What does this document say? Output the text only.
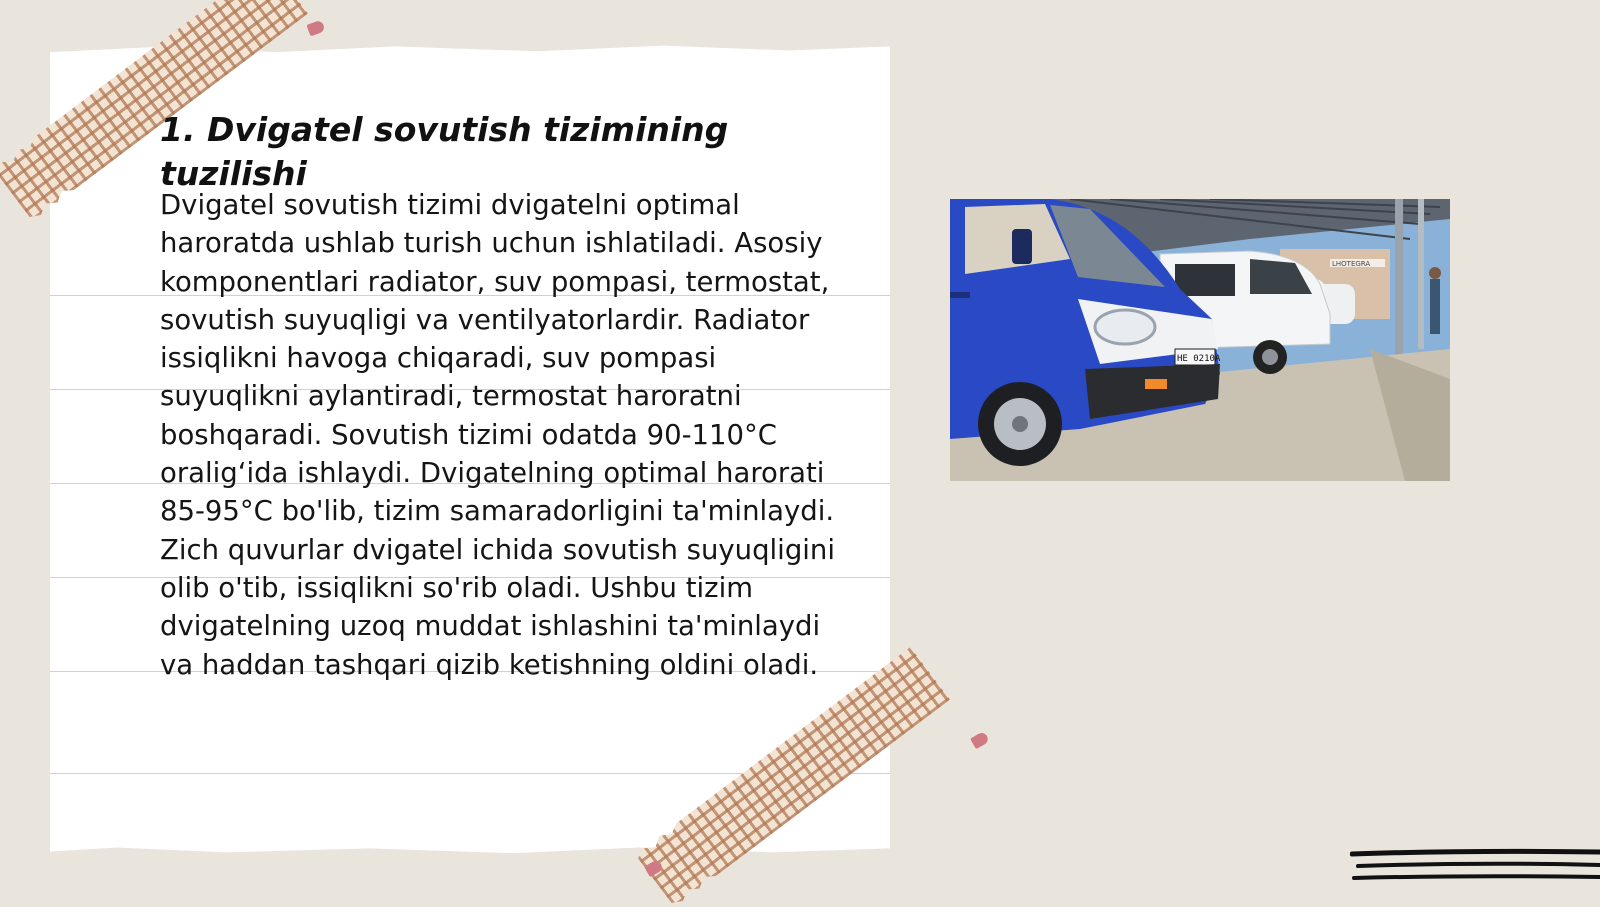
1. Dvigatel sovutish tizimining tuzilishi

Dvigatel sovutish tizimi dvigatelni optimal haroratda ushlab turish uchun ishlatiladi. Asosiy komponentlari radiator, suv pompasi, termostat, sovutish suyuqligi va ventilyatorlardir. Radiator issiqlikni havoga chiqaradi, suv pompasi suyuqlikni aylantiradi, termostat haroratni boshqaradi. Sovutish tizimi odatda 90-110°C oralig‘ida ishlaydi. Dvigatelning optimal harorati 85-95°C bo'lib, tizim samaradorligini ta'minlaydi. Zich quvurlar dvigatel ichida sovutish suyuqligini olib o'tib, issiqlikni so'rib oladi. Ushbu tizim dvigatelning uzoq muddat ishlashini ta'minlaydi va haddan tashqari qizib ketishning oldini oladi.

LHOTEGRA
HE 0210A
